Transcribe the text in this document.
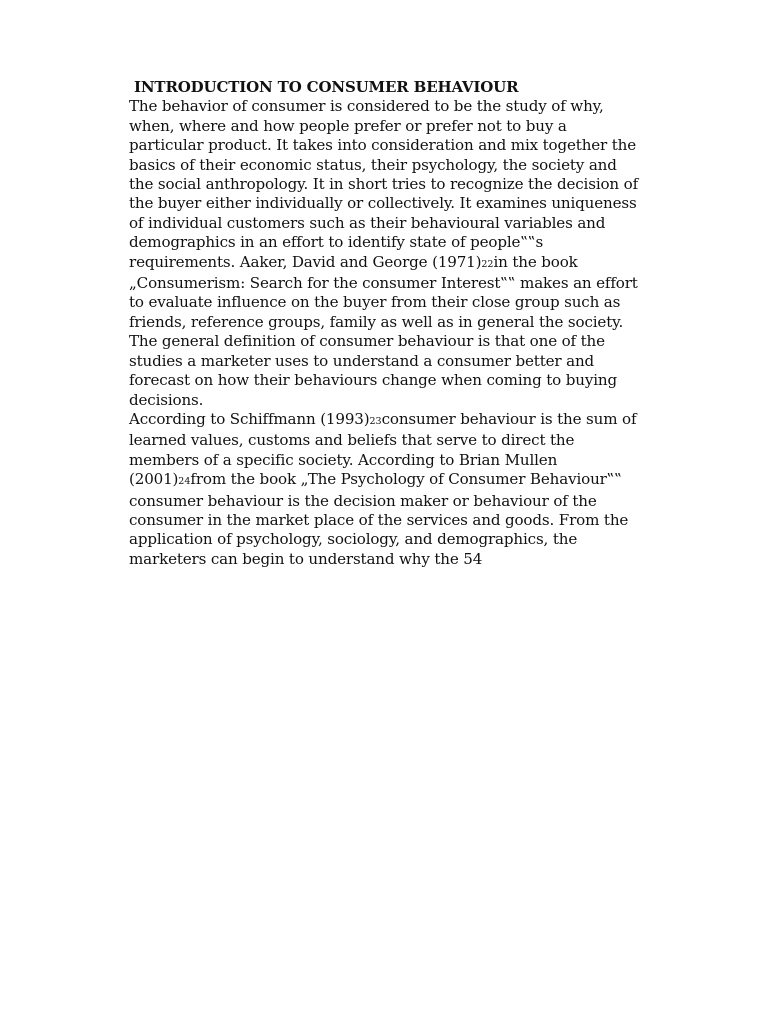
INTRODUCTION TO CONSUMER BEHAVIOUR
The behavior of consumer is considered to be the study of why,
when, where and how people prefer or prefer not to buy a
particular product. It takes into consideration and mix together the
basics of their economic status, their psychology, the society and
the social anthropology. It in short tries to recognize the decision of
the buyer either individually or collectively. It examines uniqueness
of individual customers such as their behavioural variables and
demographics in an effort to identify state of people‟‟s
requirements. Aaker, David and George (1971)22in the book
„Consumerism: Search for the consumer Interest‟‟ makes an effort
to evaluate influence on the buyer from their close group such as
friends, reference groups, family as well as in general the society.
The general definition of consumer behaviour is that one of the
studies a marketer uses to understand a consumer better and
forecast on how their behaviours change when coming to buying
decisions.
According to Schiffmann (1993)23consumer behaviour is the sum of
learned values, customs and beliefs that serve to direct the
members of a specific society. According to Brian Mullen
(2001)24from the book „The Psychology of Consumer Behaviour‟‟
consumer behaviour is the decision maker or behaviour of the
consumer in the market place of the services and goods. From the
application of psychology, sociology, and demographics, the
marketers can begin to understand why the 54
